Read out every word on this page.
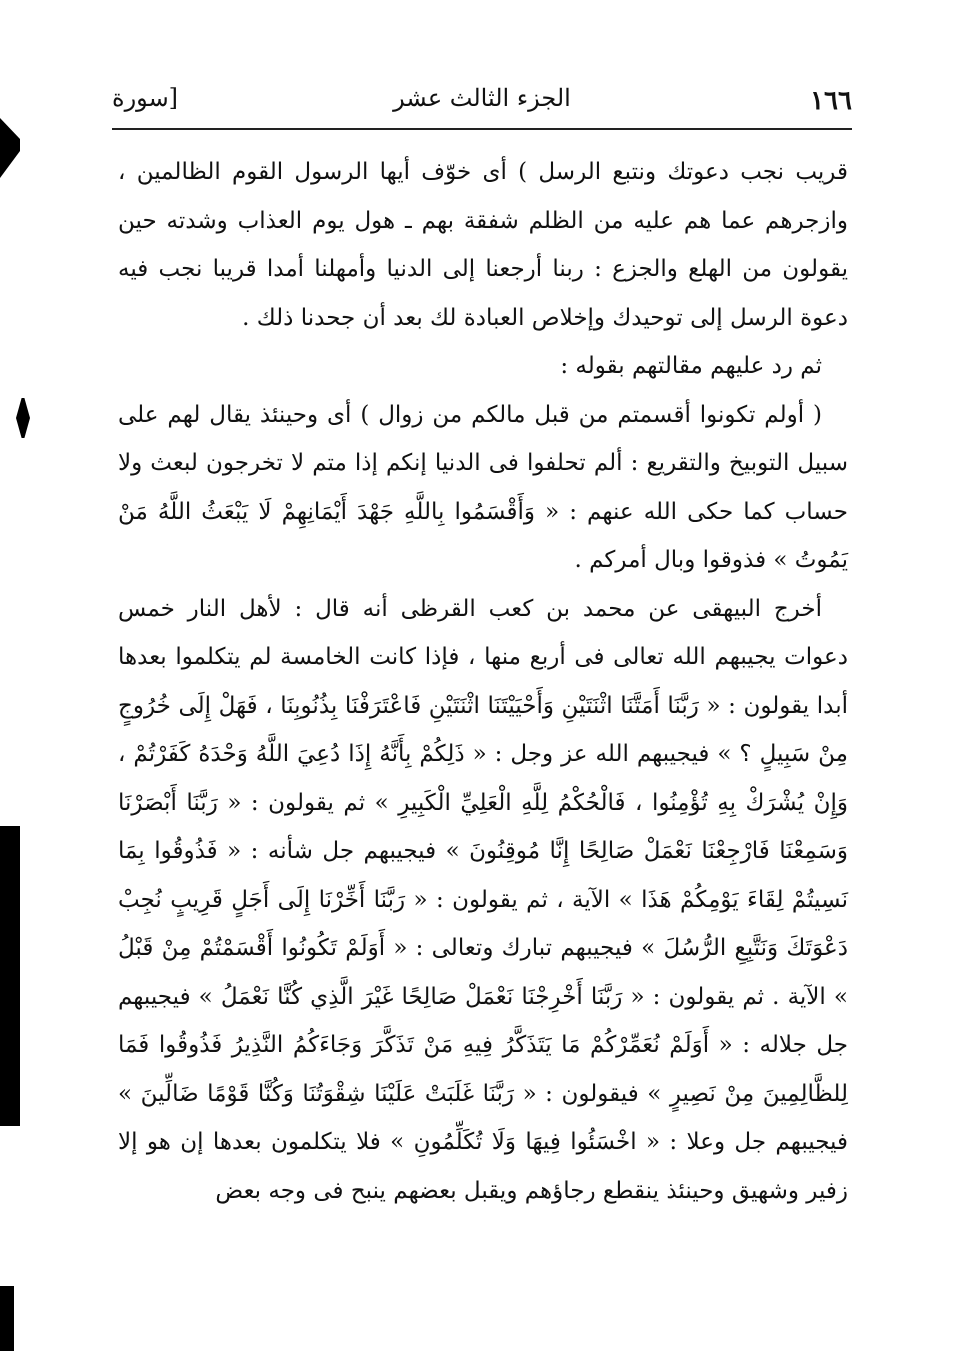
١٦٦
الجزء الثالث عشر
[سورة

قريب نجب دعوتك ونتبع الرسل ) أى خوّف أيها الرسول القوم الظالمين ، وازجرهم عما هم عليه من الظلم شفقة بهم ـ هول يوم العذاب وشدته حين يقولون من الهلع والجزع : ربنا أرجعنا إلى الدنيا وأمهلنا أمدا قريبا نجب فيه دعوة الرسل إلى توحيدك وإخلاص العبادة لك بعد أن جحدنا ذلك .

ثم رد عليهم مقالتهم بقوله :

( أولم تكونوا أقسمتم من قبل مالكم من زوال ) أى وحينئذ يقال لهم على سبيل التوبيخ والتقريع : ألم تحلفوا فى الدنيا إنكم إذا متم لا تخرجون لبعث ولا حساب كما حكى الله عنهم : « وَأَقْسَمُوا بِاللَّهِ جَهْدَ أَيْمَانِهِمْ لَا يَبْعَثُ اللَّهُ مَنْ يَمُوتُ » فذوقوا وبال أمركم .

أخرج البيهقى عن محمد بن كعب القرظى أنه قال : لأهل النار خمس دعوات يجيبهم الله تعالى فى أربع منها ، فإذا كانت الخامسة لم يتكلموا بعدها أبدا يقولون : « رَبَّنَا أَمَتَّنَا اثْنَتَيْنِ وَأَحْيَيْتَنَا اثْنَتَيْنِ فَاعْتَرَفْنَا بِذُنُوبِنَا ، فَهَلْ إِلَى خُرُوجٍ مِنْ سَبِيلٍ ؟ » فيجيبهم الله عز وجل : « ذَلِكُمْ بِأَنَّهُ إِذَا دُعِيَ اللَّهُ وَحْدَهُ كَفَرْتُمْ ، وَإِنْ يُشْرَكْ بِهِ تُؤْمِنُوا ، فَالْحُكْمُ لِلَّهِ الْعَلِيِّ الْكَبِيرِ » ثم يقولون : « رَبَّنَا أَبْصَرْنَا وَسَمِعْنَا فَارْجِعْنَا نَعْمَلْ صَالِحًا إِنَّا مُوقِنُونَ » فيجيبهم جل شأنه : « فَذُوقُوا بِمَا نَسِيتُمْ لِقَاءَ يَوْمِكُمْ هَذَا » الآية ، ثم يقولون : « رَبَّنَا أَخِّرْنَا إِلَى أَجَلٍ قَرِيبٍ نُجِبْ دَعْوَتَكَ وَنَتَّبِعِ الرُّسُلَ » فيجيبهم تبارك وتعالى : « أَوَلَمْ تَكُونُوا أَقْسَمْتُمْ مِنْ قَبْلُ » الآية . ثم يقولون : « رَبَّنَا أَخْرِجْنَا نَعْمَلْ صَالِحًا غَيْرَ الَّذِي كُنَّا نَعْمَلُ » فيجيبهم جل جلاله : « أَوَلَمْ نُعَمِّرْكُمْ مَا يَتَذَكَّرُ فِيهِ مَنْ تَذَكَّرَ وَجَاءَكُمُ النَّذِيرُ فَذُوقُوا فَمَا لِلظَّالِمِينَ مِنْ نَصِيرٍ » فيقولون : « رَبَّنَا غَلَبَتْ عَلَيْنَا شِقْوَتُنَا وَكُنَّا قَوْمًا ضَالِّينَ » فيجيبهم جل وعلا : « اخْسَئُوا فِيهَا وَلَا تُكَلِّمُونِ » فلا يتكلمون بعدها إن هو إلا زفير وشهيق وحينئذ ينقطع رجاؤهم ويقبل بعضهم ينبح فى وجه بعض
